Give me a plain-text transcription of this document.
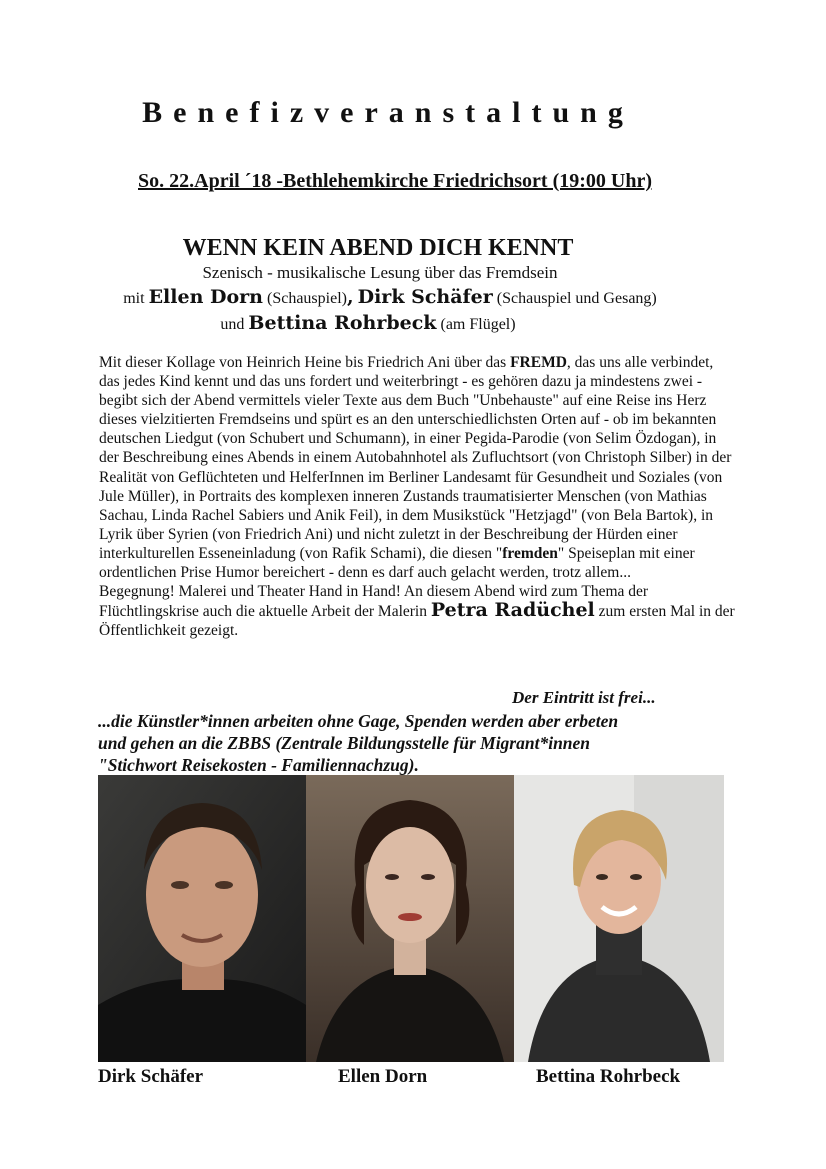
Benefizveranstaltung
So. 22.April ´18 -Bethlehemkirche Friedrichsort (19:00 Uhr)
WENN KEIN ABEND DICH KENNT
Szenisch - musikalische Lesung über das Fremdsein
mit Ellen Dorn (Schauspiel), Dirk Schäfer (Schauspiel und Gesang)
und Bettina Rohrbeck (am Flügel)
Mit dieser Kollage von Heinrich Heine bis Friedrich Ani über das FREMD, das uns alle verbindet, das jedes Kind kennt und das uns fordert und weiterbringt - es gehören dazu ja mindestens zwei - begibt sich der Abend vermittels vieler Texte aus dem Buch "Unbehauste" auf eine Reise ins Herz dieses vielzitierten Fremdseins und spürt es an den unterschiedlichsten Orten auf - ob im bekannten deutschen Liedgut (von Schubert und Schumann), in einer Pegida-Parodie (von Selim Özdogan), in der Beschreibung eines Abends in einem Autobahnhotel als Zufluchtsort (von Christoph Silber) in der Realität von Geflüchteten und HelferInnen im Berliner Landesamt für Gesundheit und Soziales (von Jule Müller), in Portraits des komplexen inneren Zustands traumatisierter Menschen (von Mathias Sachau, Linda Rachel Sabiers und Anik Feil), in dem Musikstück "Hetzjagd" (von Bela Bartok), in Lyrik über Syrien (von Friedrich Ani) und nicht zuletzt in der Beschreibung der Hürden einer interkulturellen Esseneinladung (von Rafik Schami), die diesen "fremden" Speiseplan mit einer ordentlichen Prise Humor bereichert - denn es darf auch gelacht werden, trotz allem...
Begegnung! Malerei und Theater Hand in Hand! An diesem Abend wird zum Thema der Flüchtlingskrise auch die aktuelle Arbeit der Malerin Petra Radüchel zum ersten Mal in der Öffentlichkeit gezeigt.
Der Eintritt ist frei...
...die Künstler*innen arbeiten ohne Gage, Spenden werden aber erbeten
und gehen an die ZBBS (Zentrale Bildungsstelle für Migrant*innen
"Stichwort Reisekosten - Familiennachzug).
Dirk Schäfer	Ellen Dorn	Bettina Rohrbeck
